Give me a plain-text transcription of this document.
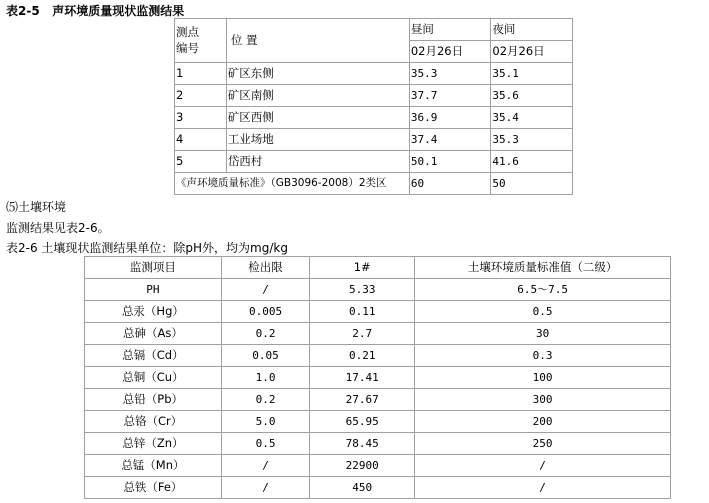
表2-5   声环境质量现状监测结果
测点
编号	位 置	昼间	夜间
		02月26日	02月26日
1	矿区东侧	35.3	35.1
2	矿区南侧	37.7	35.6
3	矿区西侧	36.9	35.4
4	工业场地	37.4	35.3
5	岱西村	50.1	41.6
《声环境质量标准》（GB3096-2008）2类区		60	50
⑸土壤环境
监测结果见表2-6。
表2-6 土壤现状监测结果单位：除pH外，均为mg/kg
监测项目	检出限	1#	土壤环境质量标准值（二级）
PH	/	5.33	6.5～7.5
总汞（Hg）	0.005	0.11	0.5
总砷（As）	0.2	2.7	30
总镉（Cd）	0.05	0.21	0.3
总铜（Cu）	1.0	17.41	100
总铅（Pb）	0.2	27.67	300
总铬（Cr）	5.0	65.95	200
总锌（Zn）	0.5	78.45	250
总锰（Mn）	/	22900	/
总铁（Fe）	/	450	/
